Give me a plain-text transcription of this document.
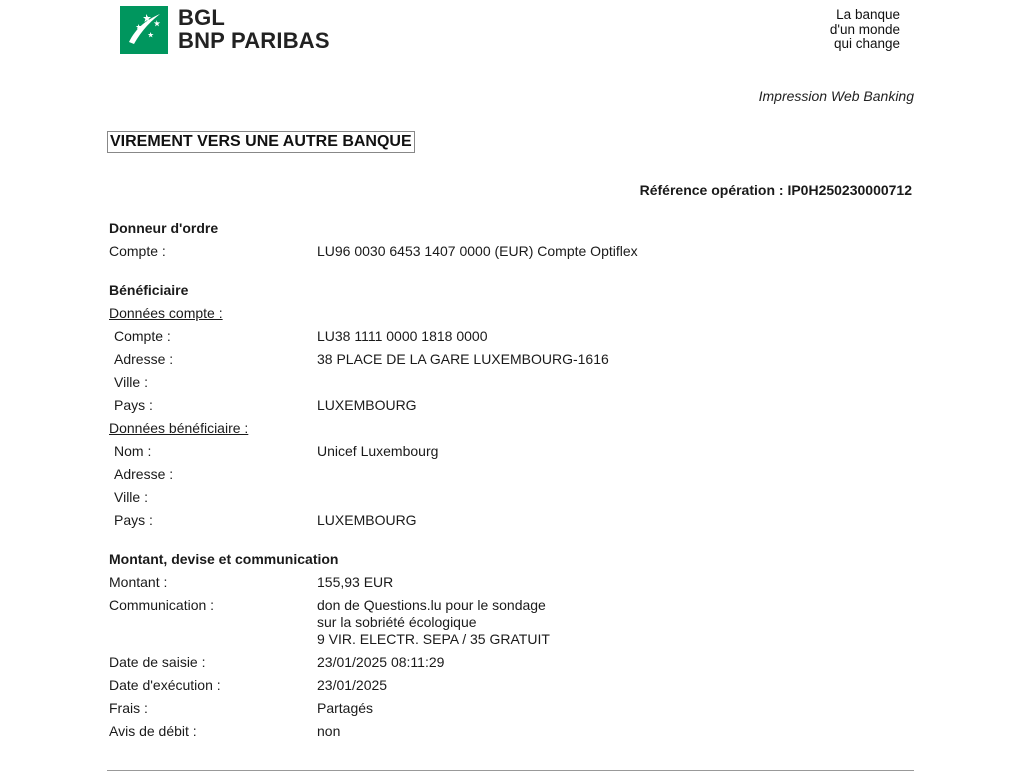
BGL
BNP PARIBAS
La banque
d'un monde
qui change
Impression Web Banking
VIREMENT VERS UNE AUTRE BANQUE
Référence opération : IP0H250230000712
Donneur d'ordre
Compte :	LU96 0030 6453 1407 0000 (EUR) Compte Optiflex
Bénéficiaire
Données compte :
Compte :	LU38 1111 0000 1818 0000
Adresse :	38 PLACE DE LA GARE LUXEMBOURG-1616
Ville :
Pays :	LUXEMBOURG
Données bénéficiaire :
Nom :	Unicef Luxembourg
Adresse :
Ville :
Pays :	LUXEMBOURG
Montant, devise et communication
Montant :	155,93 EUR
Communication :	don de Questions.lu pour le sondage
sur la sobriété écologique
9 VIR. ELECTR. SEPA / 35 GRATUIT
Date de saisie :	23/01/2025 08:11:29
Date d'exécution :	23/01/2025
Frais :	Partagés
Avis de débit :	non
